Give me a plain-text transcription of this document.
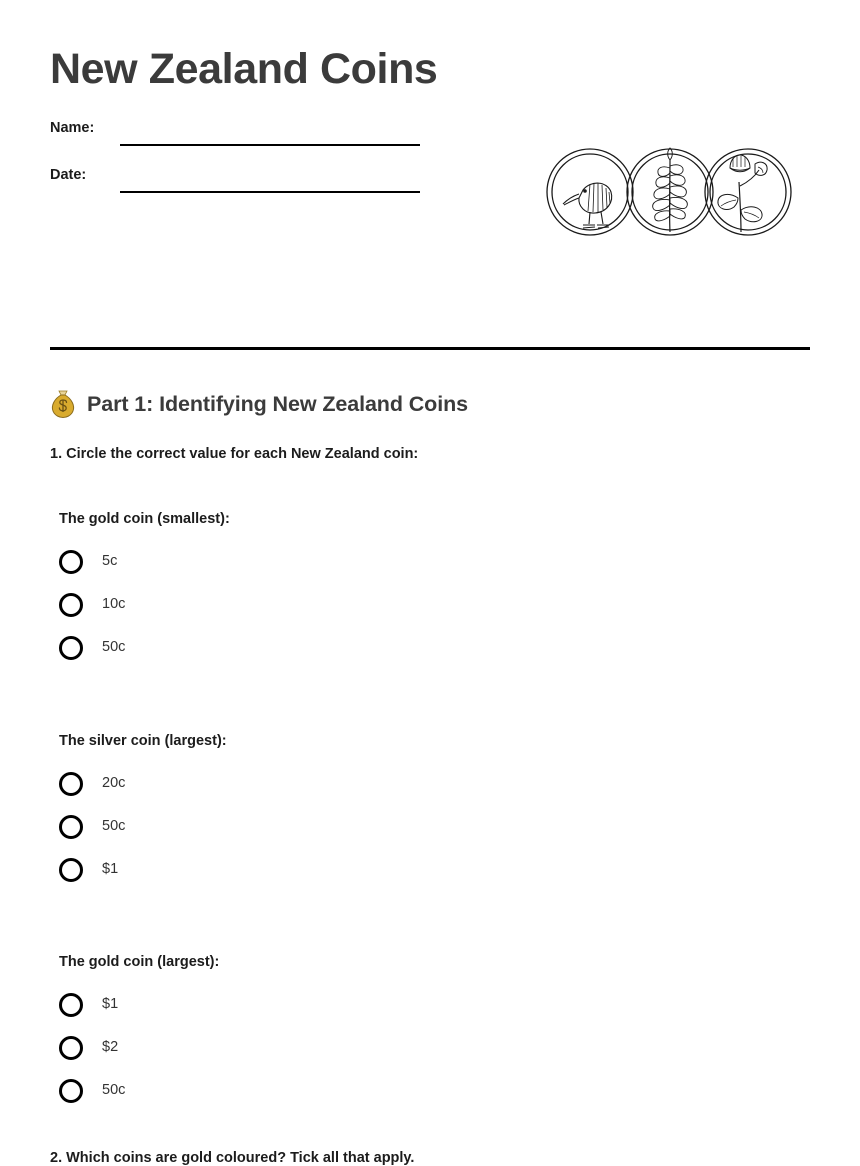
New Zealand Coins
Name:
Date:
Part 1: Identifying New Zealand Coins
1. Circle the correct value for each New Zealand coin:
The gold coin (smallest):
5c
10c
50c
The silver coin (largest):
20c
50c
$1
The gold coin (largest):
$1
$2
50c
2. Which coins are gold coloured? Tick all that apply.
